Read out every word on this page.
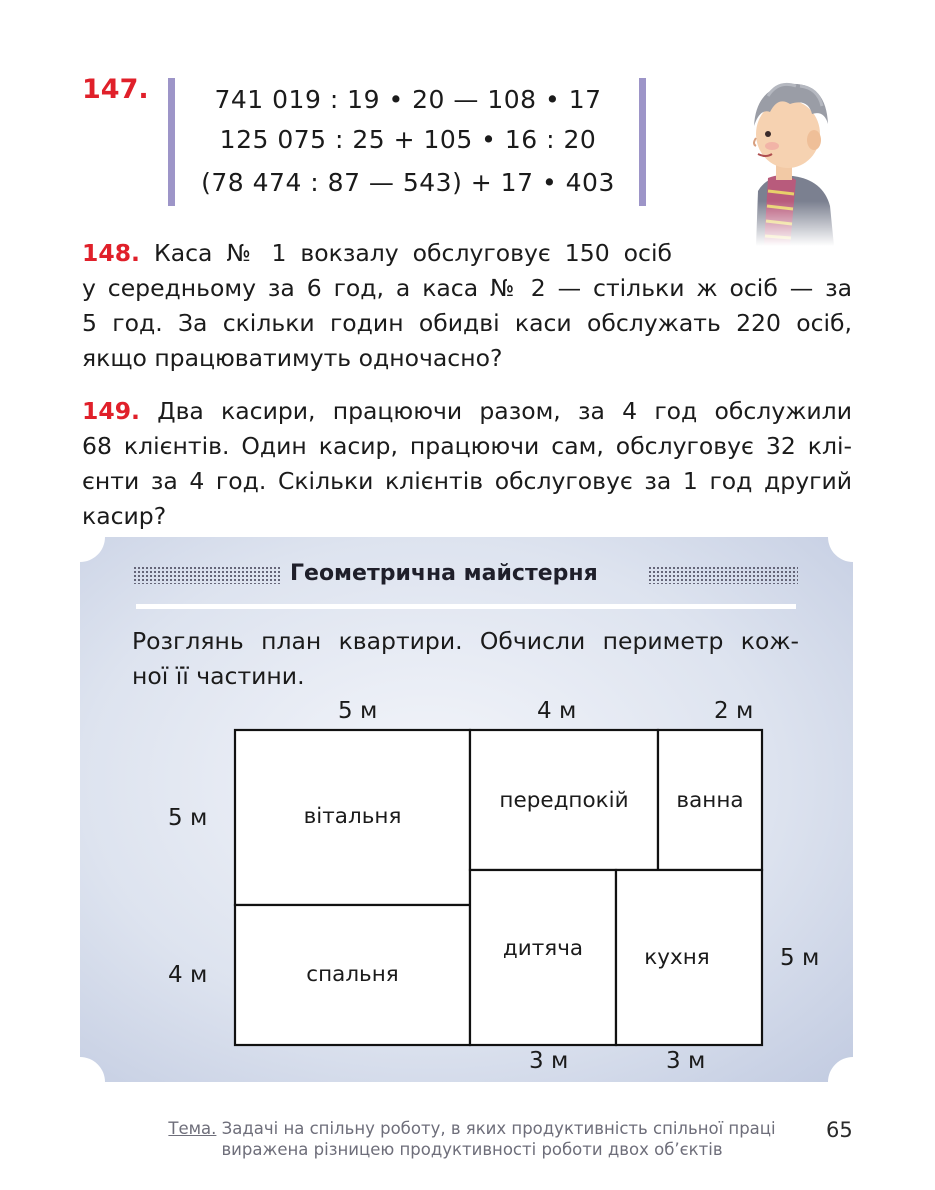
147.	741 019 : 19 • 20 — 108 • 17
125 075 : 25 + 105 • 16 : 20
(78 474 : 87 — 543) + 17 • 403
148. Каса № 1 вокзалу обслуговує 150 осіб
у середньому за 6 год, а каса № 2 — стільки ж осіб — за
5 год. За скільки годин обидві каси обслужать 220 осіб,
якщо працюватимуть одночасно?
149. Два касири, працюючи разом, за 4 год обслужили
68 клієнтів. Один касир, працюючи сам, обслуговує 32 клі-
єнти за 4 год. Скільки клієнтів обслуговує за 1 год другий
касир?
Геометрична майстерня
Розглянь план квартири. Обчисли периметр кож-
ної її частини.
вітальня
спальня
передпокій	ванна
дитяча	кухня
5 м	4 м	2 м
5 м
4 м
5 м
3 м	3 м
Тема. Задачі на спільну роботу, в яких продуктивність спільної праці
виражена різницею продуктивності роботи двох об’єктів
65
